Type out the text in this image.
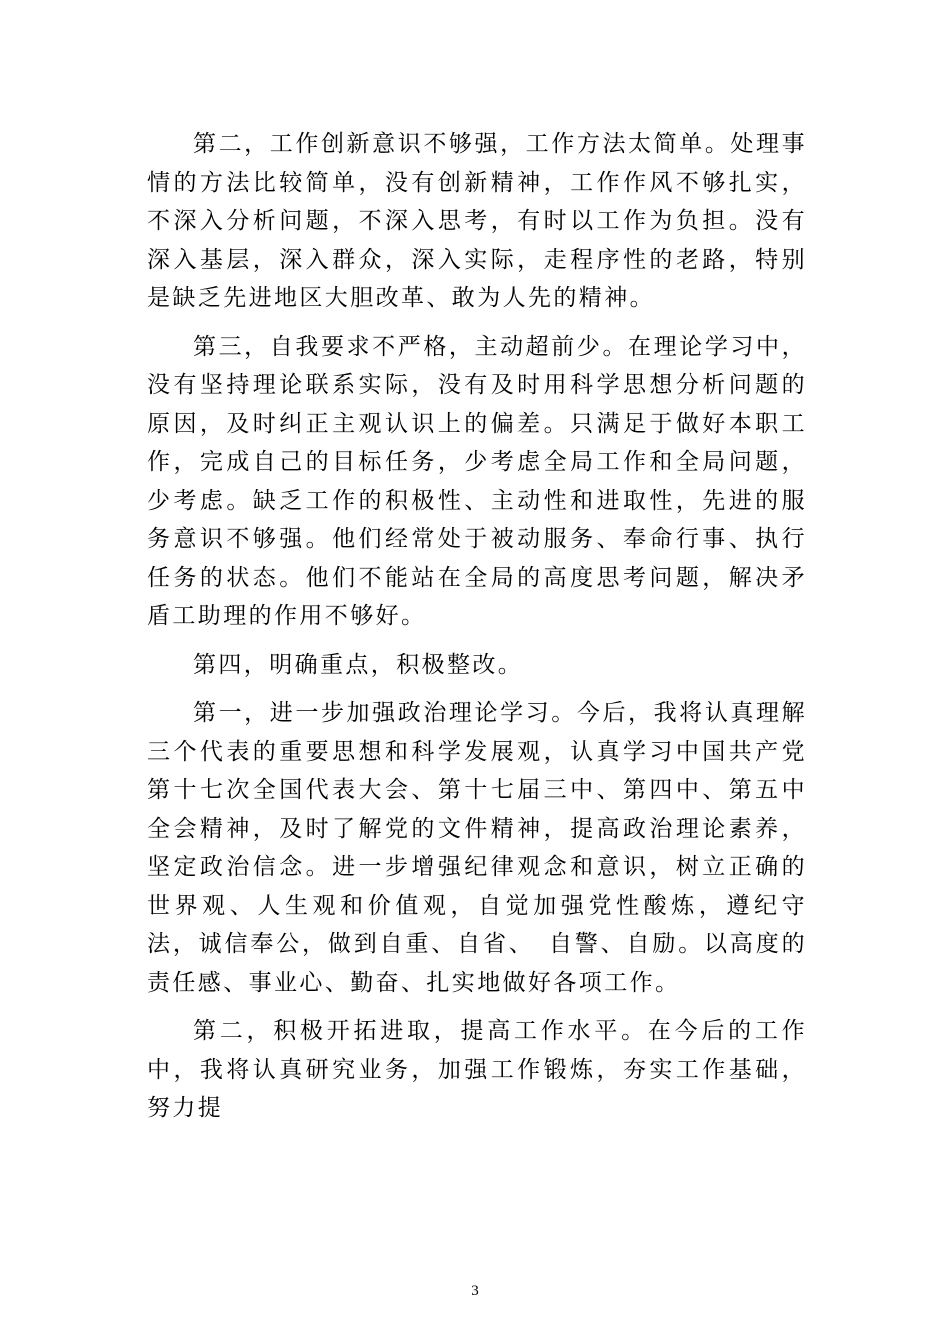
第二，工作创新意识不够强，工作方法太简单。处理事情的方法比较简单，没有创新精神，工作作风不够扎实，不深入分析问题，不深入思考，有时以工作为负担。没有深入基层，深入群众，深入实际，走程序性的老路，特别是缺乏先进地区大胆改革、敢为人先的精神。

第三，自我要求不严格，主动超前少。在理论学习中，没有坚持理论联系实际，没有及时用科学思想分析问题的原因，及时纠正主观认识上的偏差。只满足于做好本职工作，完成自己的目标任务，少考虑全局工作和全局问题，少考虑。缺乏工作的积极性、主动性和进取性，先进的服务意识不够强。他们经常处于被动服务、奉命行事、执行任务的状态。他们不能站在全局的高度思考问题，解决矛盾工助理的作用不够好。

第四，明确重点，积极整改。

第一，进一步加强政治理论学习。今后，我将认真理解三个代表的重要思想和科学发展观，认真学习中国共产党第十七次全国代表大会、第十七届三中、第四中、第五中全会精神，及时了解党的文件精神，提高政治理论素养，坚定政治信念。进一步增强纪律观念和意识，树立正确的世界观、人生观和价值观，自觉加强党性酸炼，遵纪守法，诚信奉公，做到自重、自省、　自警、自励。以高度的责任感、事业心、勤奋、扎实地做好各项工作。

第二，积极开拓进取，提高工作水平。在今后的工作中，我将认真研究业务，加强工作锻炼，夯实工作基础，努力提

3
